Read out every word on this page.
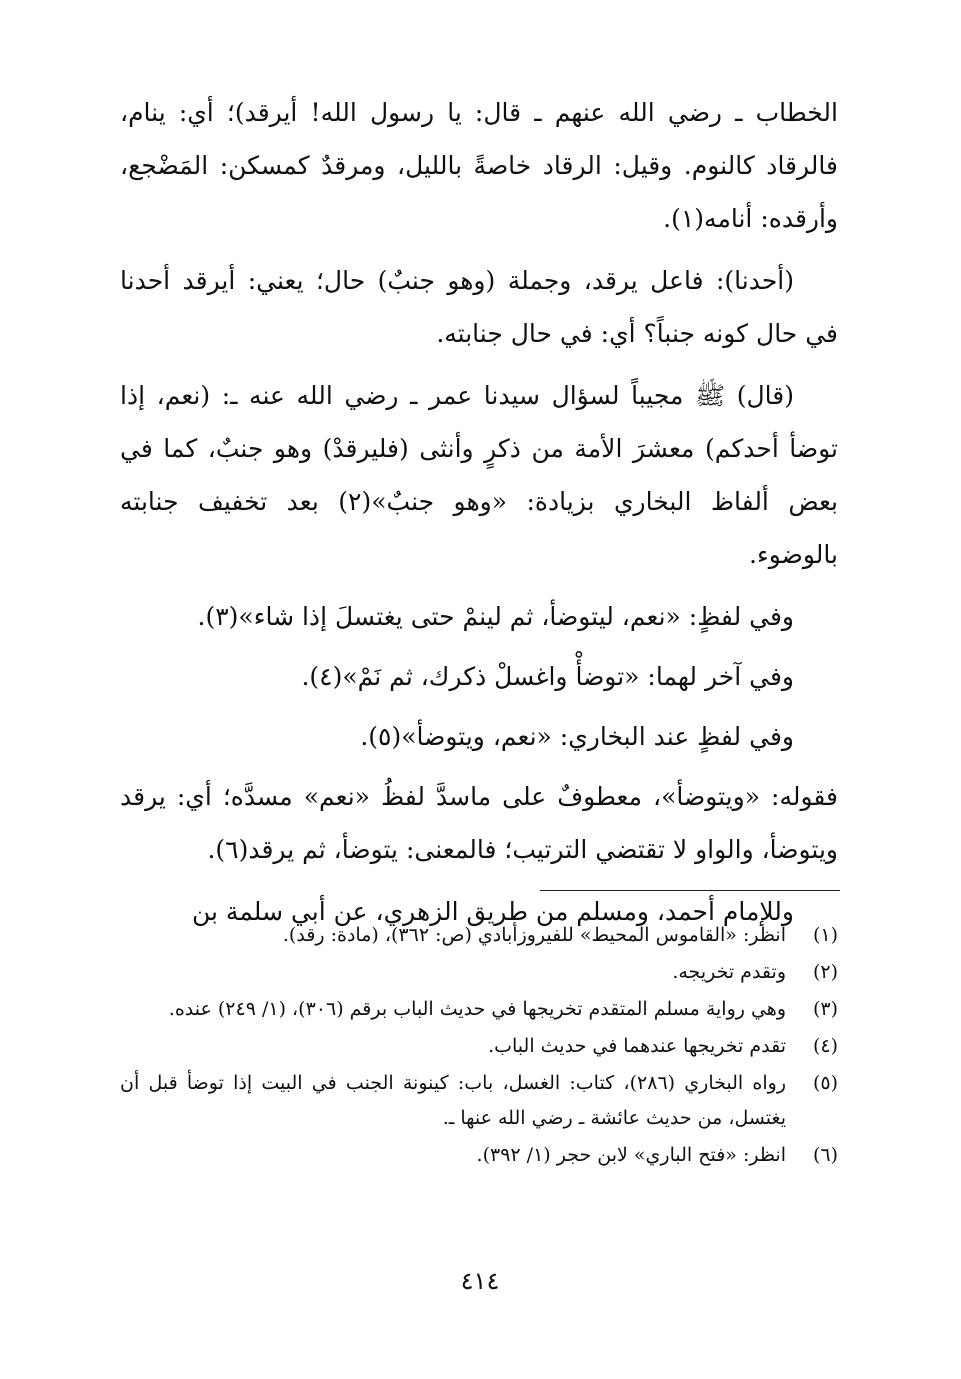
الخطاب ـ رضي الله عنهم ـ قال: يا رسول الله! أيرقد)؛ أي: ينام، فالرقاد كالنوم. وقيل: الرقاد خاصةً بالليل، ومرقدٌ كمسكن: المَضْجع، وأرقده: أنامه(١).

(أحدنا): فاعل يرقد، وجملة (وهو جنبٌ) حال؛ يعني: أيرقد أحدنا في حال كونه جنباً؟ أي: في حال جنابته.

(قال) ﷺ مجيباً لسؤال سيدنا عمر ـ رضي الله عنه ـ: (نعم، إذا توضأ أحدكم) معشرَ الأمة من ذكرٍ وأنثى (فليرقدْ) وهو جنبٌ، كما في بعض ألفاظ البخاري بزيادة: «وهو جنبٌ»(٢) بعد تخفيف جنابته بالوضوء.

وفي لفظٍ: «نعم، ليتوضأ، ثم لينمْ حتى يغتسلَ إذا شاء»(٣).

وفي آخر لهما: «توضأْ واغسلْ ذكرك، ثم نَمْ»(٤).

وفي لفظٍ عند البخاري: «نعم، ويتوضأ»(٥).

فقوله: «ويتوضأ»، معطوفٌ على ماسدَّ لفظُ «نعم» مسدَّه؛ أي: يرقد ويتوضأ، والواو لا تقتضي الترتيب؛ فالمعنى: يتوضأ، ثم يرقد(٦).

وللإمام أحمد، ومسلم من طريق الزهري، عن أبي سلمة بن

(١)
انظر: «القاموس المحيط» للفيروزأبادي (ص: ٣٦٢)، (مادة: رقد).
(٢)
وتقدم تخريجه.
(٣)
وهي رواية مسلم المتقدم تخريجها في حديث الباب برقم (٣٠٦)، (١/ ٢٤٩) عنده.
(٤)
تقدم تخريجها عندهما في حديث الباب.
(٥)
رواه البخاري (٢٨٦)، كتاب: الغسل، باب: كينونة الجنب في البيت إذا توضأ قبل أن يغتسل، من حديث عائشة ـ رضي الله عنها ـ.
(٦)
انظر: «فتح الباري» لابن حجر (١/ ٣٩٢).
٤١٤
